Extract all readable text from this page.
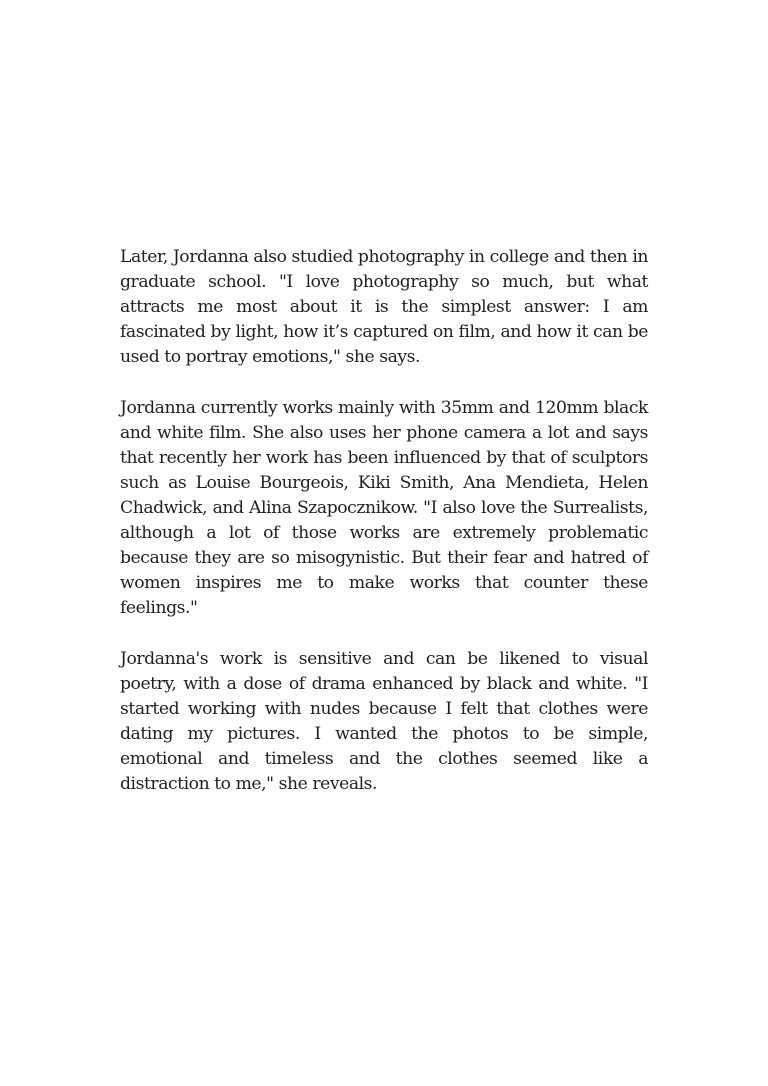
Later, Jordanna also studied photography in college and then in graduate school. "I love photography so much, but what attracts me most about it is the simplest answer: I am fascinated by light, how it’s captured on film, and how it can be used to portray emotions," she says.

Jordanna currently works mainly with 35mm and 120mm black and white film. She also uses her phone camera a lot and says that recently her work has been influenced by that of sculptors such as Louise Bourgeois, Kiki Smith, Ana Mendieta, Helen Chadwick, and Alina Szapocznikow. "I also love the Surrealists, although a lot of those works are extremely problematic because they are so misogynistic. But their fear and hatred of women inspires me to make works that counter these feelings."

Jordanna's work is sensitive and can be likened to visual poetry, with a dose of drama enhanced by black and white. "I started working with nudes because I felt that clothes were dating my pictures. I wanted the photos to be simple, emotional and timeless and the clothes seemed like a distraction to me," she reveals.
